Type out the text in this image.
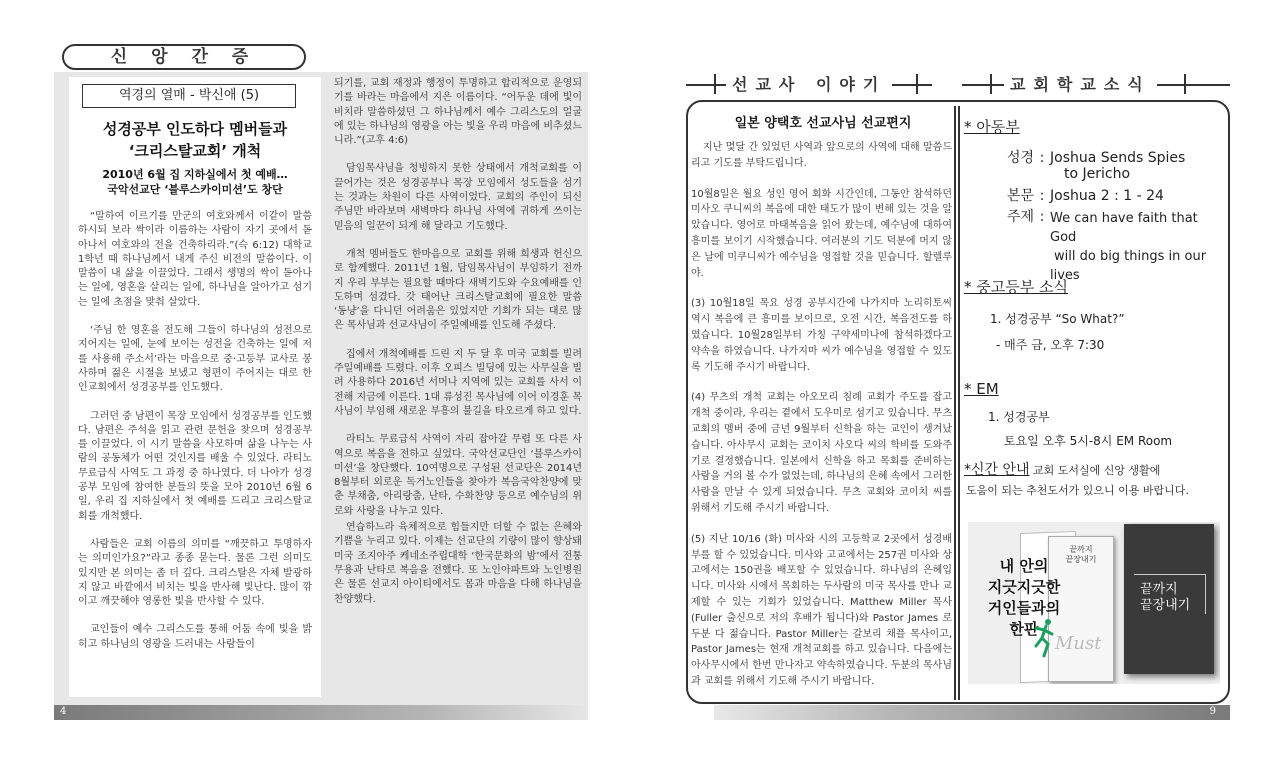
신 앙 간 증
역경의 열매 - 박신애 (5)
성경공부 인도하다 멤버들과
‘크리스탈교회’ 개척
2010년 6월 집 지하실에서 첫 예배…
국악선교단 ‘블루스카이미션’도 창단

“말하여 이르기를 만군의 여호와께서 이같이 말씀하시되 보라 싹이라 이름하는 사람이 자기 곳에서 돋아나서 여호와의 전을 건축하리라.”(슥 6:12) 대학교 1학년 때 하나님께서 내게 주신 비전의 말씀이다. 이 말씀이 내 삶을 이끌었다. 그래서 생명의 싹이 돋아나는 일에, 영혼을 살리는 일에, 하나님을 알아가고 섬기는 일에 초점을 맞춰 살았다.

‘주님 한 영혼을 전도해 그들이 하나님의 성전으로 지어지는 일에, 눈에 보이는 성전을 건축하는 일에 저를 사용해 주소서’라는 마음으로 중·고등부 교사로 봉사하며 젊은 시절을 보냈고 형편이 주어지는 대로 한인교회에서 성경공부를 인도했다.

그러던 중 남편이 목장 모임에서 성경공부를 인도했다. 남편은 주석을 읽고 관련 문헌을 찾으며 성경공부를 이끌었다. 이 시기 말씀을 사모하며 삶을 나누는 사람의 공동체가 어떤 것인지를 배울 수 있었다. 라티노 무료급식 사역도 그 과정 중 하나였다. 더 나아가 성경공부 모임에 참여한 분들의 뜻을 모아 2010년 6월 6일, 우리 집 지하실에서 첫 예배를 드리고 크리스탈교회를 개척했다.

사람들은 교회 이름의 의미를 “깨끗하고 투명하자는 의미인가요?”라고 종종 묻는다. 물론 그런 의미도 있지만 본 의미는 좀 더 깊다. 크리스탈은 자체 발광하지 않고 바깥에서 비치는 빛을 반사해 빛난다. 많이 깎이고 깨끗해야 영롱한 빛을 반사할 수 있다.

교인들이 예수 그리스도를 통해 어둠 속에 빛을 밝히고 하나님의 영광을 드러내는 사람들이

되기를, 교회 재정과 행정이 투명하고 합리적으로 운영되기를 바라는 마음에서 지은 이름이다. “어두운 데에 빛이 비치라 말씀하셨던 그 하나님께서 예수 그리스도의 얼굴에 있는 하나님의 영광을 아는 빛을 우리 마음에 비추셨느니라.”(고후 4:6)

담임목사님을 청빙하지 못한 상태에서 개척교회를 이끌어가는 것은 성경공부나 목장 모임에서 성도들을 섬기는 것과는 차원이 다른 사역이었다. 교회의 주인이 되신 주님만 바라보며 새벽마다 하나님 사역에 귀하게 쓰이는 믿음의 일꾼이 되게 해 달라고 기도했다.

개척 멤버들도 한마음으로 교회를 위해 희생과 헌신으로 함께했다. 2011년 1월, 담임목사님이 부임하기 전까지 우리 부부는 필요할 때마다 새벽기도와 수요예배를 인도하며 섬겼다. 갓 태어난 크리스탈교회에 필요한 말씀 ‘동냥’을 다니던 어려움은 있었지만 기회가 되는 대로 많은 목사님과 선교사님이 주일예배를 인도해 주셨다.

집에서 개척예배를 드린 지 두 달 후 미국 교회를 빌려 주일예배를 드렸다. 이후 오피스 빌딩에 있는 사무실을 빌려 사용하다 2016년 서머나 지역에 있는 교회를 사서 이전해 지금에 이른다. 1대 류성진 목사님에 이어 이경훈 목사님이 부임해 새로운 부흥의 불길을 타오르게 하고 있다.

라티노 무료급식 사역이 자리 잡아갈 무렵 또 다른 사역으로 복음을 전하고 싶었다. 국악선교단인 ‘블루스카이미션’을 창단했다. 10여명으로 구성된 선교단은 2014년 8월부터 외로운 독거노인들을 찾아가 복음국악찬양에 맞춘 부채춤, 아리랑춤, 난타, 수화찬양 등으로 예수님의 위로와 사랑을 나누고 있다.

연습하느라 육체적으로 힘들지만 더할 수 없는 은혜와 기쁨을 누리고 있다. 이제는 선교단의 기량이 많이 향상돼 미국 조지아주 케네소주립대학 ‘한국문화의 밤’에서 전통무용과 난타로 복음을 전했다. 또 노인아파트와 노인병원은 물론 선교지 아이티에서도 몸과 마음을 다해 하나님을 찬양했다.

4
선교사 이야기	교회학교소식
일본 양택호 선교사님 선교편지

지난 몇달 간 있었던 사역과 앞으로의 사역에 대해 말씀드리고 기도를 부탁드립니다.

10월8일은 월요 성인 영어 회화 시간인데, 그동안 참석하던 미사오 쿠니씨의 복음에 대한 태도가 많이 변해 있는 것을 알았습니다. 영어로 마태복음을 읽어 왔는데, 예수님에 대하여 흥미를 보이기 시작했습니다. 여러분의 기도 덕분에 머지 않은 날에 미쿠니씨가 예수님을 영접할 것을 믿습니다. 할렐루야.

(3) 10월18일 목요 성경 공부시간에 나가지마 노리히토씨 역시 복음에 큰 흥미를 보이므로, 오전 시간, 복음전도를 하였습니다. 10월28일부터 가칭 구약세미나에 참석하겠다고 약속을 하였습니다. 나가지마 씨가 예수님을 영접할 수 있도록 기도해 주시기 바랍니다.

(4) 무츠의 개척 교회는 아오모리 침례 교회가 주도를 잡고 개척 중이라, 우리는 곁에서 도우미로 섬기고 있습니다. 무츠 교회의 멤버 중에 금년 9월부터 신학을 하는 교인이 생겨났습니다. 아사무시 교회는 코이치 사오다 씨의 학비를 도와주기로 결정했습니다. 일본에서 신학을 하고 목회를 준비하는 사람을 거의 볼 수가 없었는데, 하나님의 은혜 속에서 그러한 사람을 만날 수 있게 되었습니다. 무츠 교회와 코이치 씨를 위해서 기도해 주시기 바랍니다.

(5) 지난 10/16 (화) 미사와 시의 고등학교 2곳에서 성경배부를 할 수 있었습니다. 미사와 고교에서는 257권 미사와 상고에서는 150권을 배포할 수 있었습니다. 하나님의 은혜입니다. 미사와 시에서 목회하는 두사람의 미국 목사를 만나 교제할 수 있는 기회가 있었습니다. Matthew Miller 목사 (Fuller 출신으로 저의 후배가 됩니다)와 Pastor James 로 두분 다 젊습니다. Pastor Miller는 갈보리 채플 목사이고, Pastor James는 현재 개척교회를 하고 있습니다. 다음에는 아사무시에서 한번 만나자고 약속하였습니다. 두분의 목사님과 교회를 위해서 기도해 주시기 바랍니다.

* 아동부
성경 : Joshua Sends Spies
to Jericho
본문 : Joshua 2 : 1 - 24
주제 : We can have faith that God
will do big things in our lives
* 중고등부 소식
1. 성경공부 “So What?”
- 매주 금, 오후 7:30
* EM
1. 성경공부
토요일 오후 5시-8시 EM Room
*신간 안내 교회 도서실에 신앙 생활에
도움이 되는 추천도서가 있으니 이용 바랍니다.
끝까지
끝장내기
Must
끝까지
끝장내기
내 안의
지긋지긋한
거인들과의
한판
9
